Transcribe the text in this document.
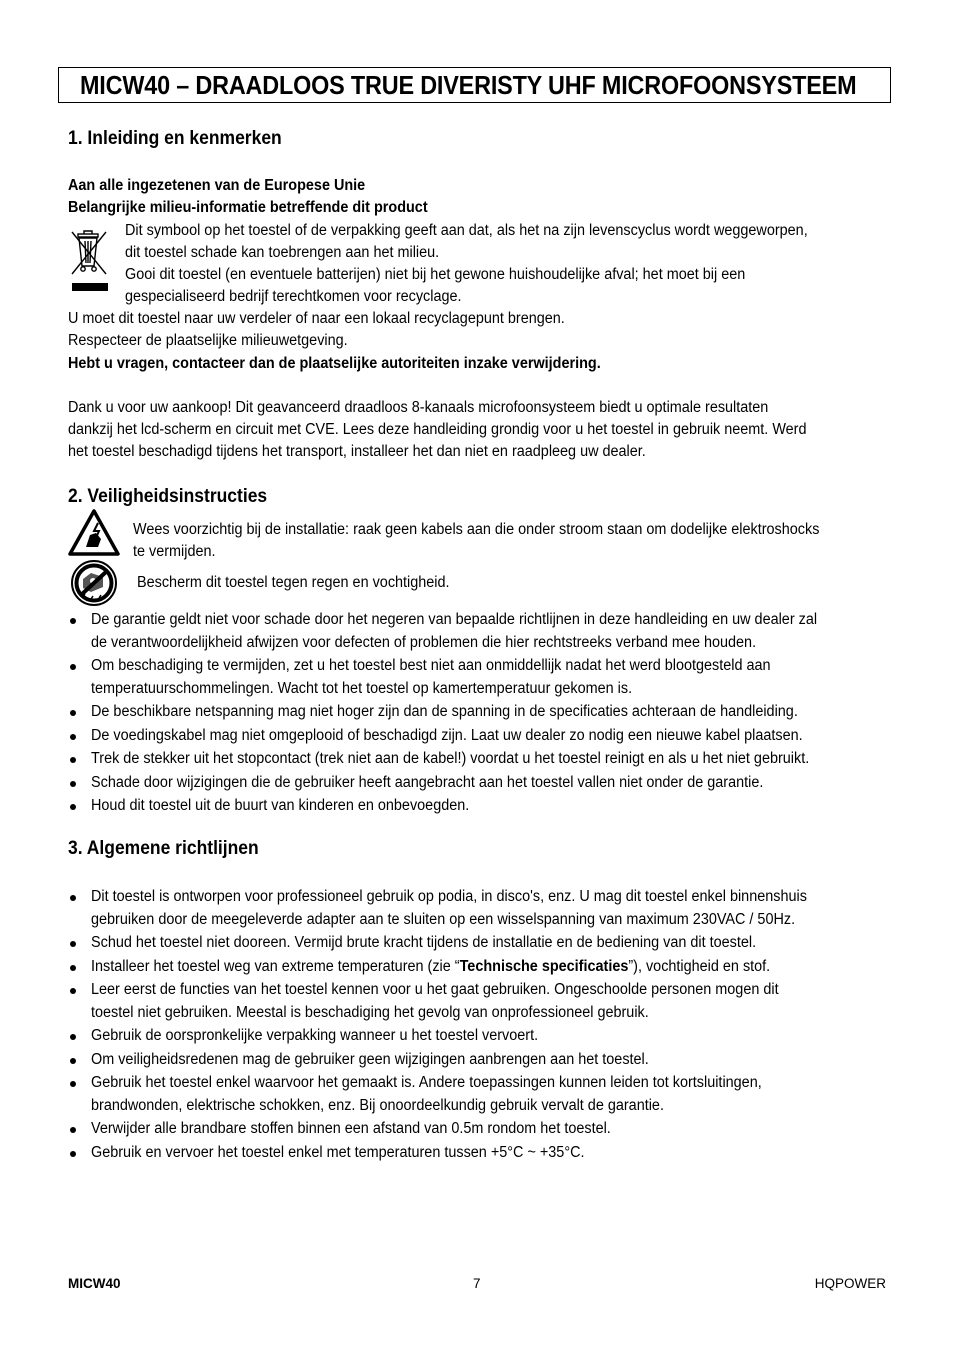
MICW40 – DRAADLOOS TRUE DIVERISTY UHF MICROFOONSYSTEEM
1. Inleiding en kenmerken

Aan alle ingezetenen van de Europese Unie

Belangrijke milieu-informatie betreffende dit product

Dit symbool op het toestel of de verpakking geeft aan dat, als het na zijn levenscyclus wordt weggeworpen,

dit toestel schade kan toebrengen aan het milieu.

Gooi dit toestel (en eventuele batterijen) niet bij het gewone huishoudelijke afval; het moet bij een

gespecialiseerd bedrijf terechtkomen voor recyclage.

U moet dit toestel naar uw verdeler of naar een lokaal recyclagepunt brengen.

Respecteer de plaatselijke milieuwetgeving.

Hebt u vragen, contacteer dan de plaatselijke autoriteiten inzake verwijdering.

Dank u voor uw aankoop! Dit geavanceerd draadloos 8-kanaals microfoonsysteem biedt u optimale resultaten

dankzij het lcd-scherm en circuit met CVE. Lees deze handleiding grondig voor u het toestel in gebruik neemt. Werd

het toestel beschadigd tijdens het transport, installeer het dan niet en raadpleeg uw dealer.

2. Veiligheidsinstructies

Wees voorzichtig bij de installatie: raak geen kabels aan die onder stroom staan om dodelijke elektroshocks

te vermijden.

Bescherm dit toestel tegen regen en vochtigheid.

De garantie geldt niet voor schade door het negeren van bepaalde richtlijnen in deze handleiding en uw dealer zal
de verantwoordelijkheid afwijzen voor defecten of problemen die hier rechtstreeks verband mee houden.
Om beschadiging te vermijden, zet u het toestel best niet aan onmiddellijk nadat het werd blootgesteld aan
temperatuurschommelingen. Wacht tot het toestel op kamertemperatuur gekomen is.
De beschikbare netspanning mag niet hoger zijn dan de spanning in de specificaties achteraan de handleiding.
De voedingskabel mag niet omgeplooid of beschadigd zijn. Laat uw dealer zo nodig een nieuwe kabel plaatsen.
Trek de stekker uit het stopcontact (trek niet aan de kabel!) voordat u het toestel reinigt en als u het niet gebruikt.
Schade door wijzigingen die de gebruiker heeft aangebracht aan het toestel vallen niet onder de garantie.
Houd dit toestel uit de buurt van kinderen en onbevoegden.
3. Algemene richtlijnen
Dit toestel is ontworpen voor professioneel gebruik op podia, in disco's, enz. U mag dit toestel enkel binnenshuis
gebruiken door de meegeleverde adapter aan te sluiten op een wisselspanning van maximum 230VAC / 50Hz.
Schud het toestel niet dooreen. Vermijd brute kracht tijdens de installatie en de bediening van dit toestel.
Installeer het toestel weg van extreme temperaturen (zie “Technische specificaties”), vochtigheid en stof.
Leer eerst de functies van het toestel kennen voor u het gaat gebruiken. Ongeschoolde personen mogen dit
toestel niet gebruiken. Meestal is beschadiging het gevolg van onprofessioneel gebruik.
Gebruik de oorspronkelijke verpakking wanneer u het toestel vervoert.
Om veiligheidsredenen mag de gebruiker geen wijzigingen aanbrengen aan het toestel.
Gebruik het toestel enkel waarvoor het gemaakt is. Andere toepassingen kunnen leiden tot kortsluitingen,
brandwonden, elektrische schokken, enz. Bij onoordeelkundig gebruik vervalt de garantie.
Verwijder alle brandbare stoffen binnen een afstand van 0.5m rondom het toestel.
Gebruik en vervoer het toestel enkel met temperaturen tussen +5°C ~ +35°C.
MICW40	7	HQPOWER
